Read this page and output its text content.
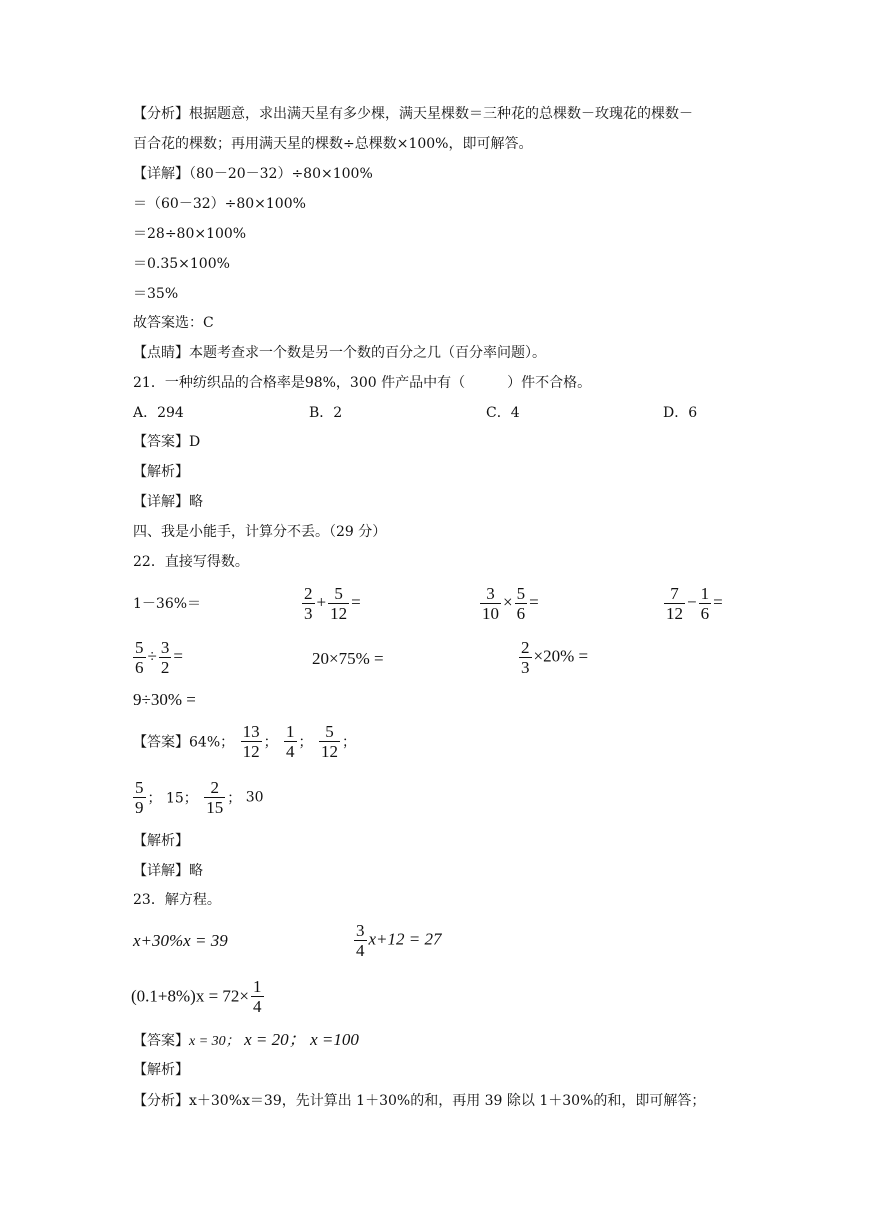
【分析】根据题意，求出满天星有多少棵，满天星棵数＝三种花的总棵数－玫瑰花的棵数－
百合花的棵数；再用满天星的棵数÷总棵数×100%，即可解答。
【详解】（80－20－32）÷80×100%
＝（60－32）÷80×100%
＝28÷80×100%
＝0.35×100%
＝35%
故答案选：C
【点睛】本题考查求一个数是另一个数的百分之几（百分率问题）。
21．一种纺织品的合格率是98%，300 件产品中有（　　　）件不合格。
A．294	B．2	C．4	D．6
【答案】D
【解析】
【详解】略
四、我是小能手，计算分不丢。（29 分）
22．直接写得数。
1－36%＝	$\frac{2}{3} + \frac{5}{12}$ =	$\frac{3}{10} \times \frac{5}{6}$ =	$\frac{7}{12} - \frac{1}{6}$ =
$\frac{5}{6} \div \frac{3}{2}$ =	20×75% =	$\frac{2}{3} \times 20\%$ =
9÷30% =
【答案】64%； $\frac{13}{12}$ ； $\frac{1}{4}$ ； $\frac{5}{12}$ ；
$\frac{5}{9}$ ； 15； $\frac{2}{15}$ ； 30
【解析】
【详解】略
23．解方程。
x+30%x = 39	$\frac{3}{4} x+12 = 27$
$(0.1+8\%)x = 72\times \frac{1}{4}$
【答案】x = 30； x = 20； x =100
【解析】
【分析】x＋30%x＝39，先计算出 1＋30%的和，再用 39 除以 1＋30%的和，即可解答；
